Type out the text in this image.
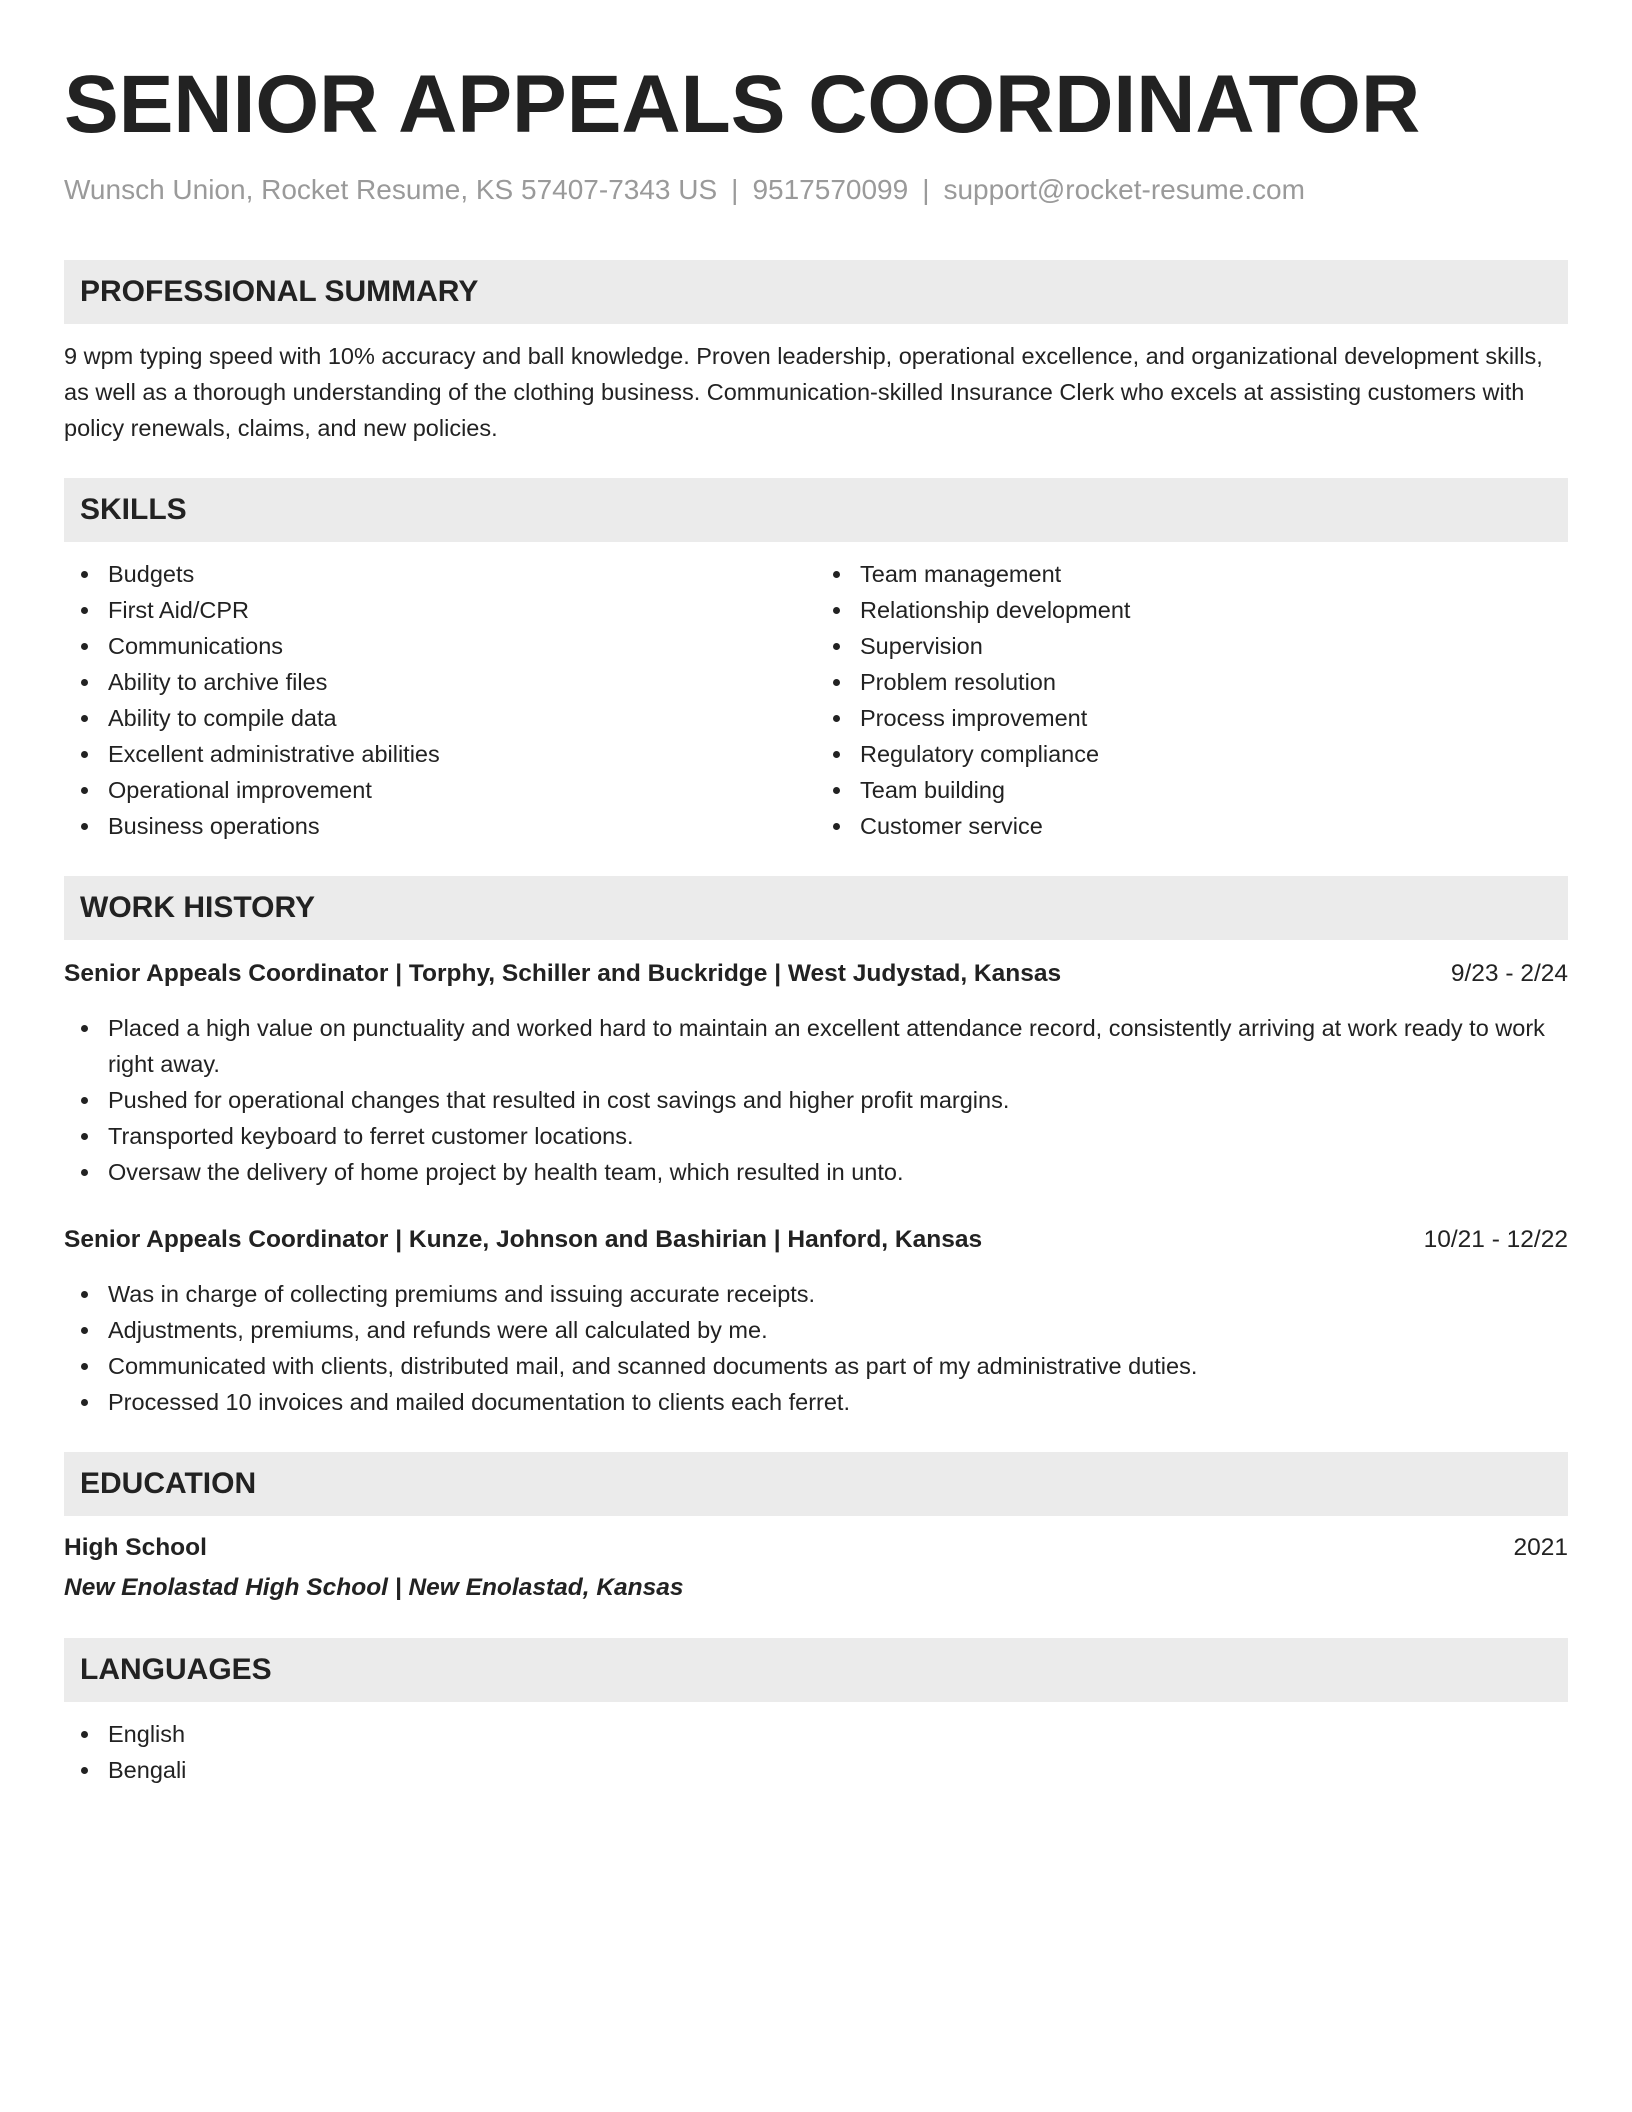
SENIOR APPEALS COORDINATOR
Wunsch Union, Rocket Resume, KS 57407-7343 US | 9517570099 | support@rocket-resume.com
PROFESSIONAL SUMMARY
9 wpm typing speed with 10% accuracy and ball knowledge. Proven leadership, operational excellence, and organizational development skills, as well as a thorough understanding of the clothing business. Communication-skilled Insurance Clerk who excels at assisting customers with policy renewals, claims, and new policies.
SKILLS
Budgets
First Aid/CPR
Communications
Ability to archive files
Ability to compile data
Excellent administrative abilities
Operational improvement
Business operations
Team management
Relationship development
Supervision
Problem resolution
Process improvement
Regulatory compliance
Team building
Customer service
WORK HISTORY
Senior Appeals Coordinator | Torphy, Schiller and Buckridge | West Judystad, Kansas	9/23 - 2/24
Placed a high value on punctuality and worked hard to maintain an excellent attendance record, consistently arriving at work ready to work right away.
Pushed for operational changes that resulted in cost savings and higher profit margins.
Transported keyboard to ferret customer locations.
Oversaw the delivery of home project by health team, which resulted in unto.
Senior Appeals Coordinator | Kunze, Johnson and Bashirian | Hanford, Kansas	10/21 - 12/22
Was in charge of collecting premiums and issuing accurate receipts.
Adjustments, premiums, and refunds were all calculated by me.
Communicated with clients, distributed mail, and scanned documents as part of my administrative duties.
Processed 10 invoices and mailed documentation to clients each ferret.
EDUCATION
High School	2021
New Enolastad High School | New Enolastad, Kansas
LANGUAGES
English
Bengali
